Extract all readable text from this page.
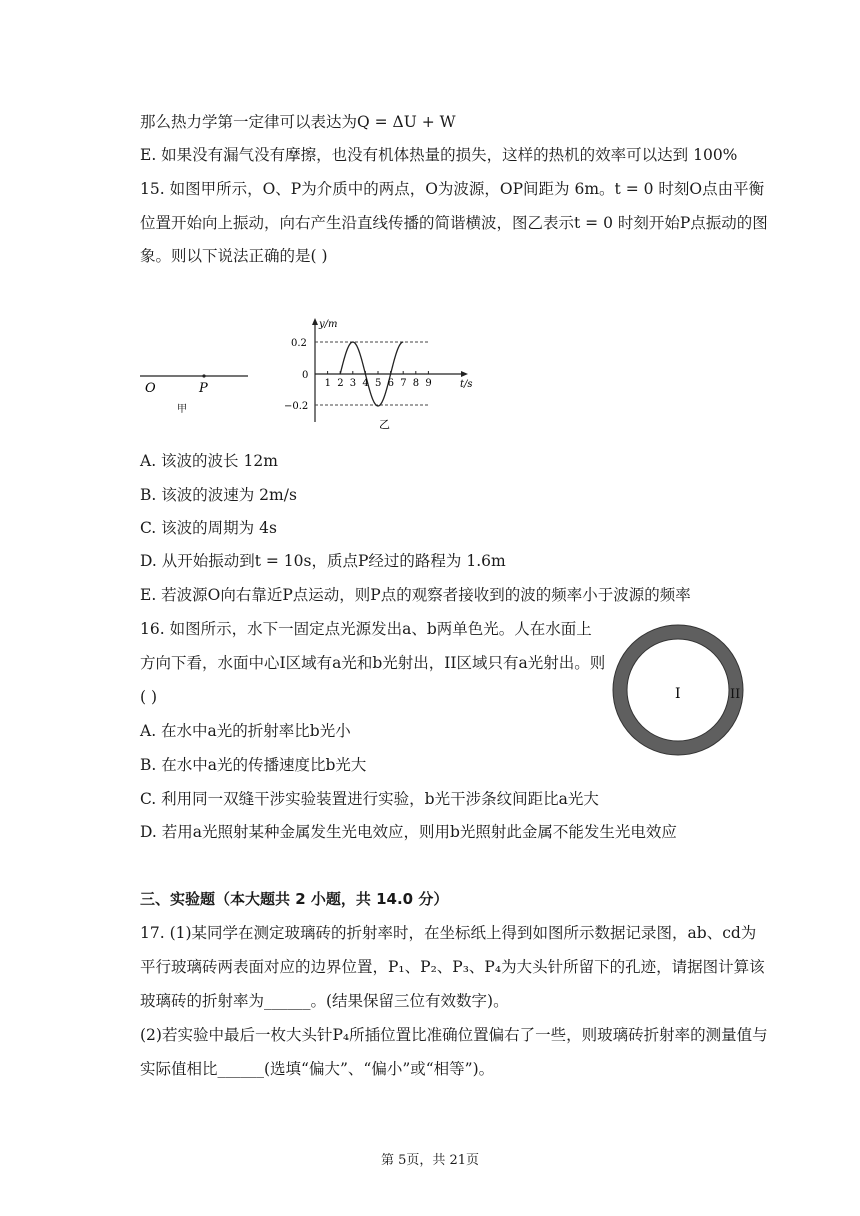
那么热力学第一定律可以表达为Q = ΔU + W
E. 如果没有漏气没有摩擦，也没有机体热量的损失，这样的热机的效率可以达到 100%
15. 如图甲所示，O、P为介质中的两点，O为波源，OP间距为 6m。t = 0 时刻O点由平衡
位置开始向上振动，向右产生沿直线传播的简谐横波，图乙表示t = 0 时刻开始P点振动的图
象。则以下说法正确的是( )
O	P
甲
y/m
t/s
0.2
0
−0.2
1 2 3 4 5 6 7 8 9
乙
A. 该波的波长 12m
B. 该波的波速为 2m/s
C. 该波的周期为 4s
D. 从开始振动到t = 10s，质点P经过的路程为 1.6m
E. 若波源O向右靠近P点运动，则P点的观察者接收到的波的频率小于波源的频率
16. 如图所示，水下一固定点光源发出a、b两单色光。人在水面上
方向下看，水面中心I区域有a光和b光射出，II区域只有a光射出。则
( )
A. 在水中a光的折射率比b光小
B. 在水中a光的传播速度比b光大
C. 利用同一双缝干涉实验装置进行实验，b光干涉条纹间距比a光大
D. 若用a光照射某种金属发生光电效应，则用b光照射此金属不能发生光电效应
I	II
三、实验题（本大题共 2 小题，共 14.0 分）
17. (1)某同学在测定玻璃砖的折射率时，在坐标纸上得到如图所示数据记录图，ab、cd为
平行玻璃砖两表面对应的边界位置，P₁、P₂、P₃、P₄为大头针所留下的孔迹，请据图计算该
玻璃砖的折射率为______。(结果保留三位有效数字)。
(2)若实验中最后一枚大头针P₄所插位置比准确位置偏右了一些，则玻璃砖折射率的测量值与
实际值相比______(选填“偏大”、“偏小”或“相等”)。
第 5页，共 21页
